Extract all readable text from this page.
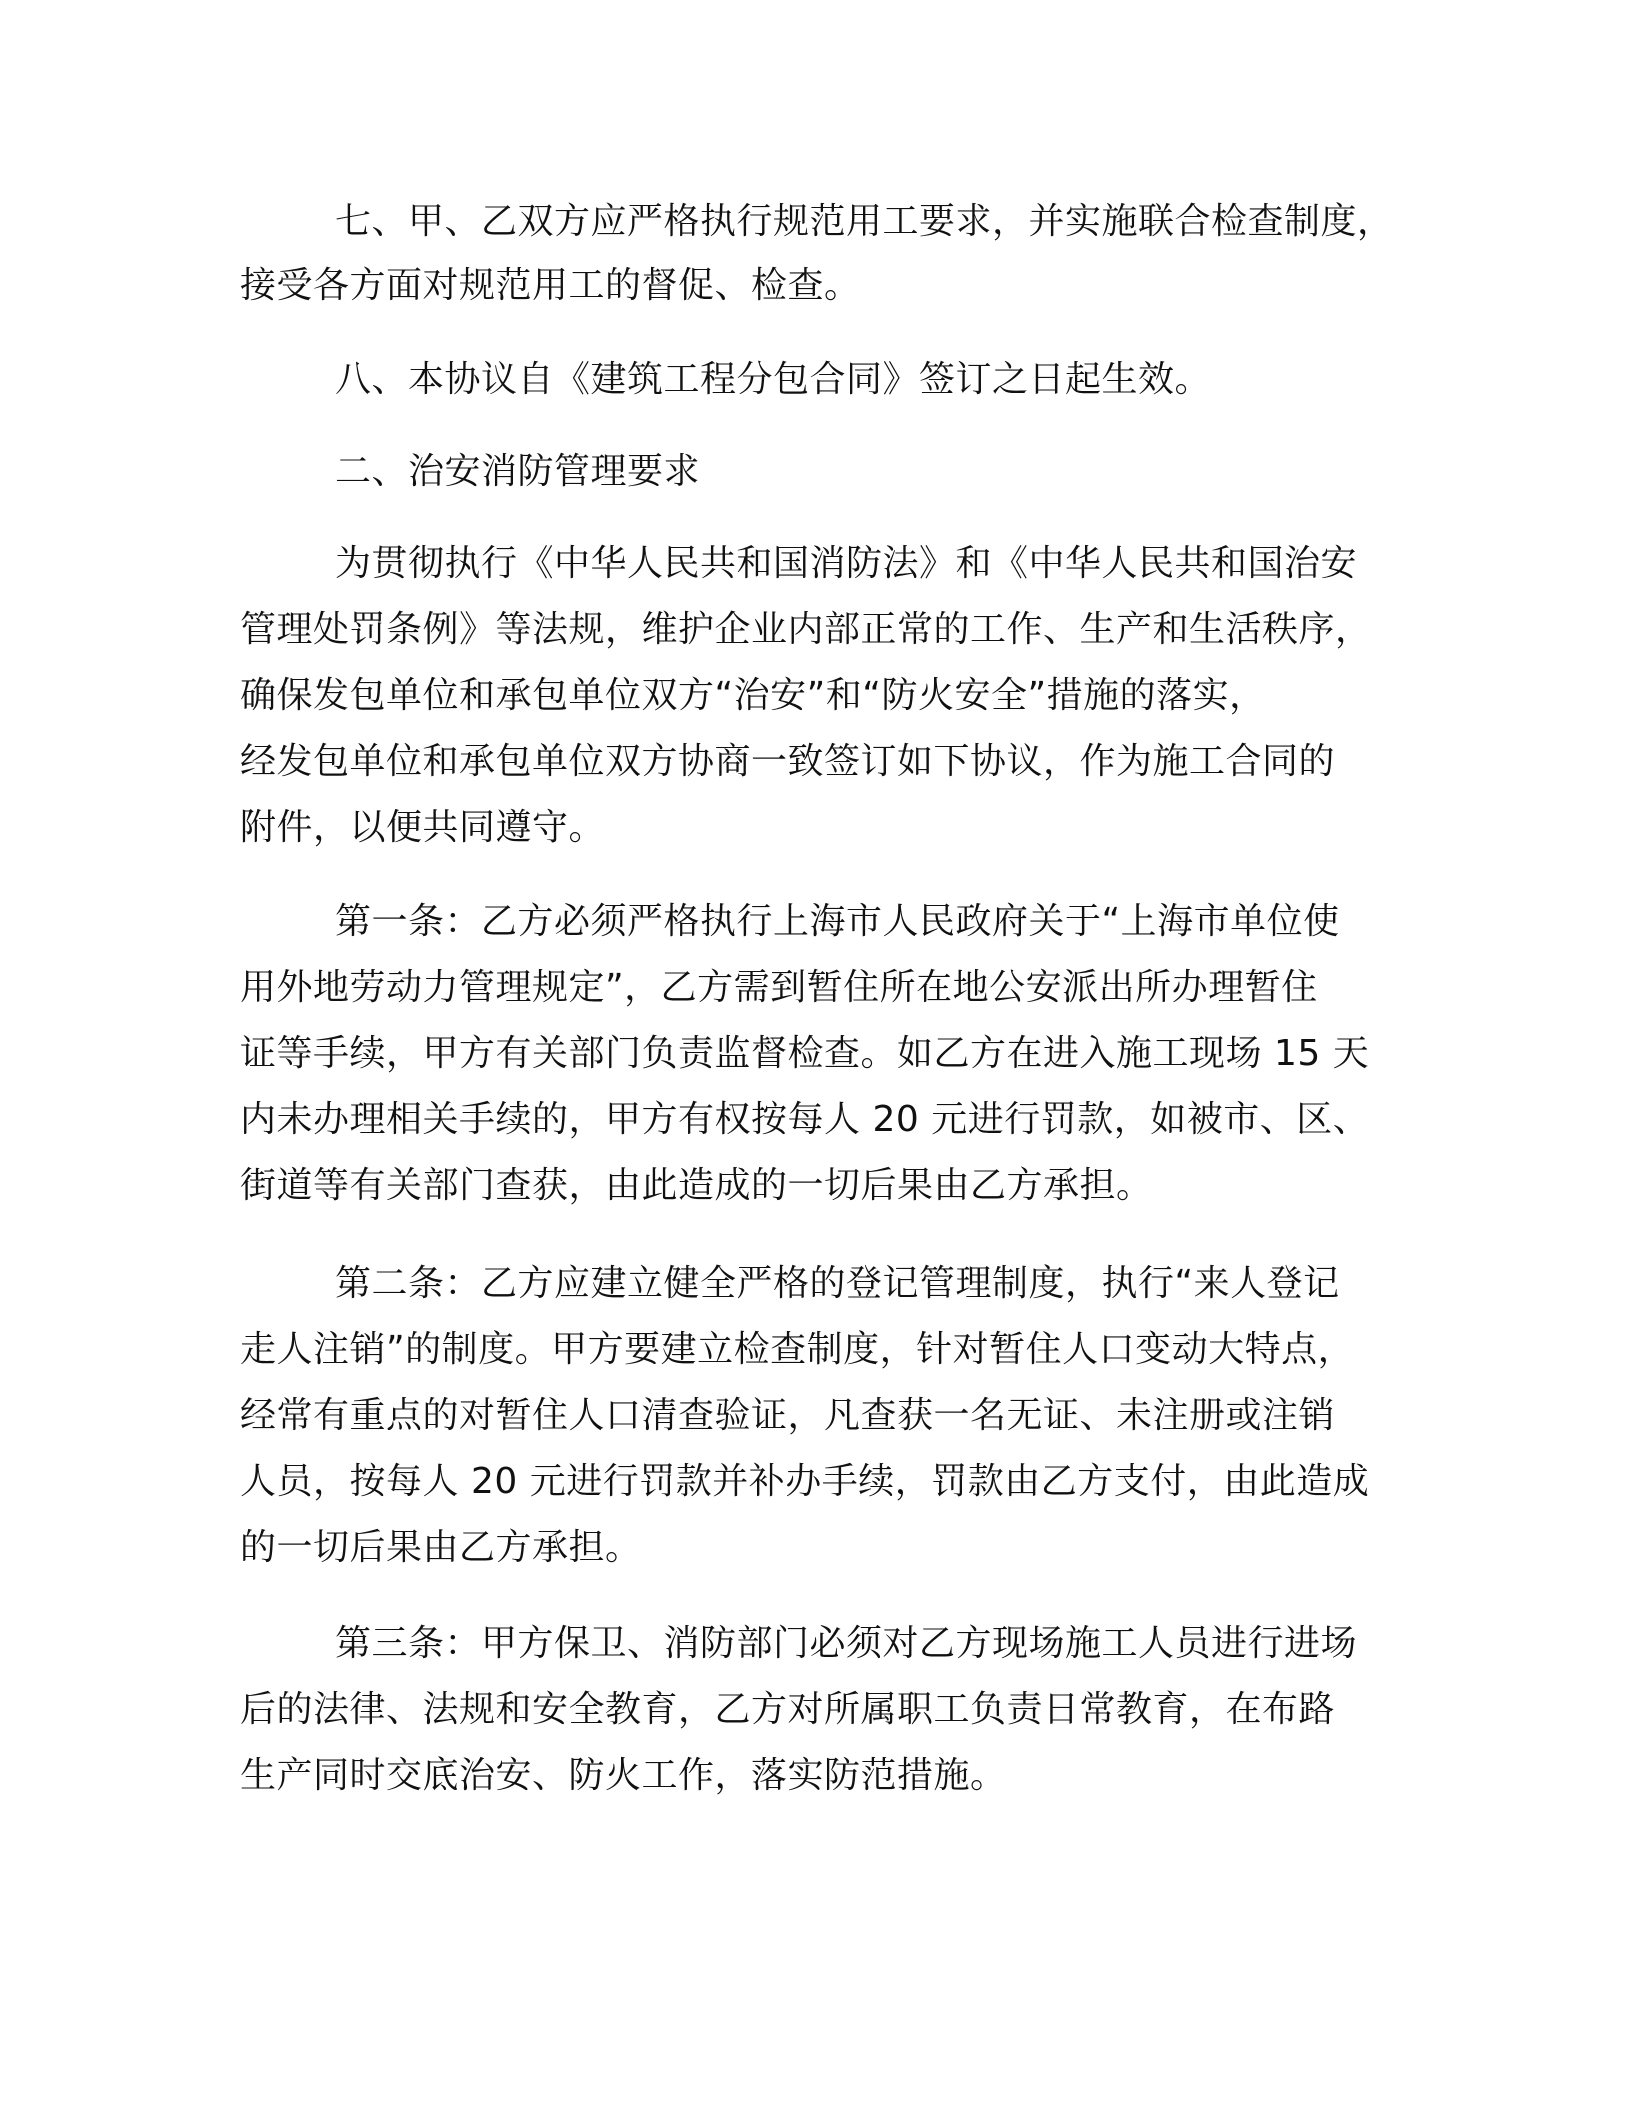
七、甲、乙双方应严格执行规范用工要求，并实施联合检查制度，
接受各方面对规范用工的督促、检查。
八、本协议自《建筑工程分包合同》签订之日起生效。
二、治安消防管理要求
为贯彻执行《中华人民共和国消防法》和《中华人民共和国治安
管理处罚条例》等法规，维护企业内部正常的工作、生产和生活秩序，
确保发包单位和承包单位双方“治安”和“防火安全”措施的落实，
经发包单位和承包单位双方协商一致签订如下协议，作为施工合同的
附件，以便共同遵守。
第一条：乙方必须严格执行上海市人民政府关于“上海市单位使
用外地劳动力管理规定”，乙方需到暂住所在地公安派出所办理暂住
证等手续，甲方有关部门负责监督检查。如乙方在进入施工现场 15 天
内未办理相关手续的，甲方有权按每人 20 元进行罚款，如被市、区、
街道等有关部门查获，由此造成的一切后果由乙方承担。
第二条：乙方应建立健全严格的登记管理制度，执行“来人登记
走人注销”的制度。甲方要建立检查制度，针对暂住人口变动大特点，
经常有重点的对暂住人口清查验证，凡查获一名无证、未注册或注销
人员，按每人 20 元进行罚款并补办手续，罚款由乙方支付，由此造成
的一切后果由乙方承担。
第三条：甲方保卫、消防部门必须对乙方现场施工人员进行进场
后的法律、法规和安全教育，乙方对所属职工负责日常教育，在布路
生产同时交底治安、防火工作，落实防范措施。
